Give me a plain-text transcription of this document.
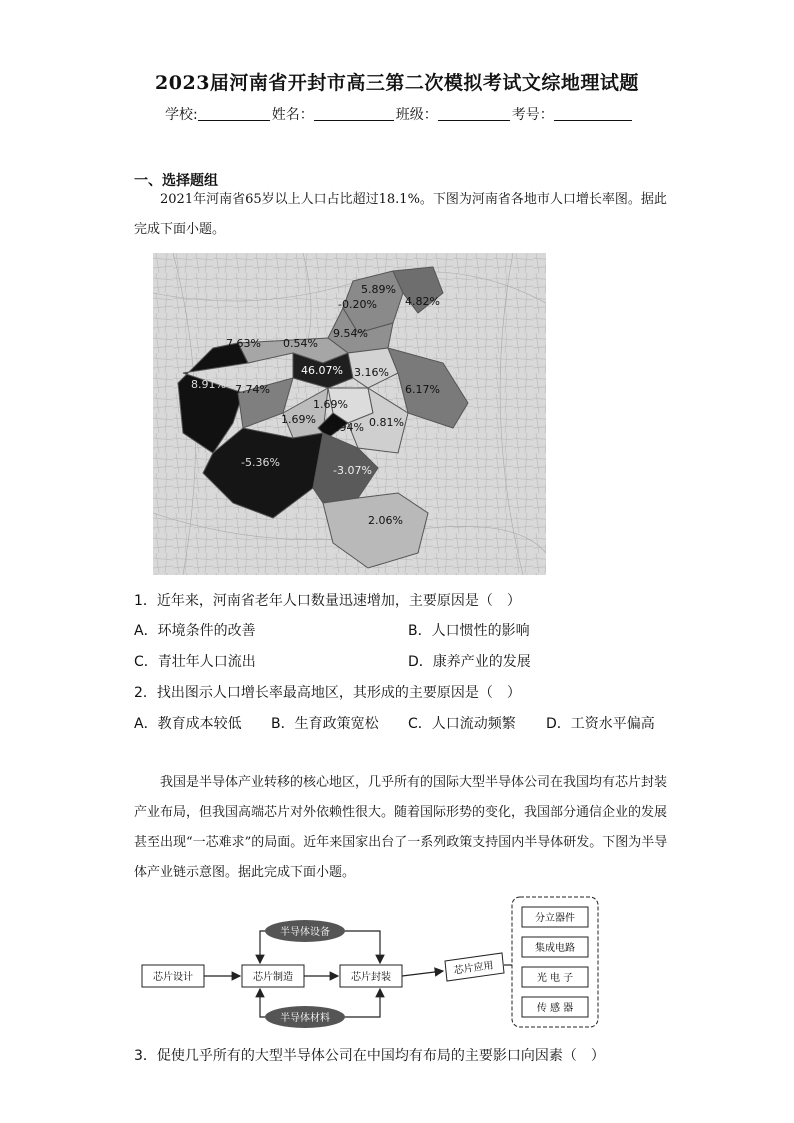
2023届河南省开封市高三第二次模拟考试文综地理试题
学校:	姓名：	班级：	考号：
一、选择题组
2021年河南省65岁以上人口占比超过18.1%。下图为河南省各地市人口增长率图。据此完成下面小题。
5.89%
-0.20%	4.82%
9.54%
7.63% 0.54%
46.07% 3.16%
8.91% 7.74%	6.17%
1.69%
1.69%	0.81%
-6.94%
-5.36%
-3.07%
2.06%
1．近年来，河南省老年人口数量迅速增加，主要原因是（　）
A．环境条件的改善	B．人口惯性的影响
C．青壮年人口流出	D．康养产业的发展
2．找出图示人口增长率最高地区，其形成的主要原因是（　）
A．教育成本较低 B．生育政策宽松 C．人口流动频繁 D．工资水平偏高
我国是半导体产业转移的核心地区，几乎所有的国际大型半导体公司在我国均有芯片封装产业布局，但我国高端芯片对外依赖性很大。随着国际形势的变化，我国部分通信企业的发展甚至出现“一芯难求”的局面。近年来国家出台了一系列政策支持国内半导体研发。下图为半导体产业链示意图。据此完成下面小题。
芯片设计	芯片制造	芯片封装
芯片应用
半导体设备
半导体材料
分立器件
集成电路
光 电 子
传 感 器
3．促使几乎所有的大型半导体公司在中国均有布局的主要影口向因素（　）
